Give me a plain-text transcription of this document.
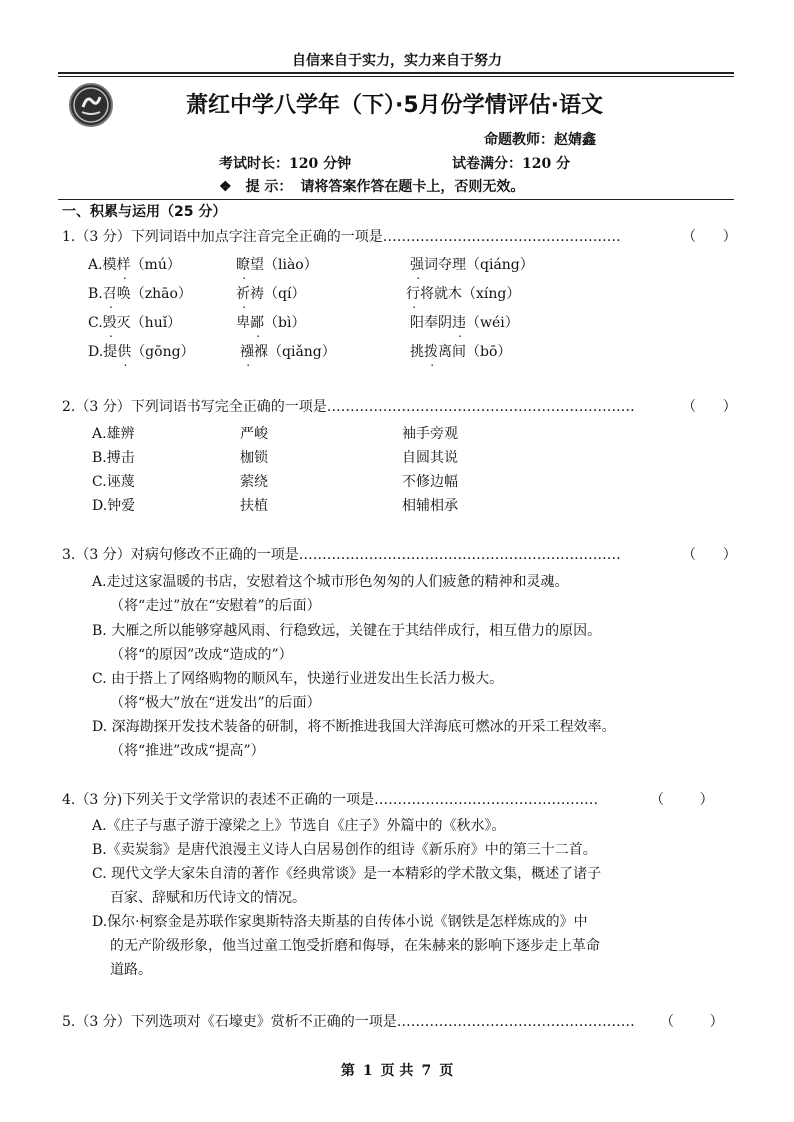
自信来自于实力，实力来自于努力
萧红中学八学年（下）·5月份学情评估·语文
命题教师：赵婧鑫
考试时长：120 分钟	试卷满分：120 分
❖ 提 示： 请将答案作答在题卡上，否则无效。
一、积累与运用（25 分）
1.（3 分）下列词语中加点字注音完全正确的一项是……………………………………………	（      ）
A.模样（mú）	瞭望（liào）	强词夺理（qiáng）
B.召唤（zhāo）	祈祷（qí）	行将就木（xíng）
C.毁灭（huǐ）	卑鄙（bì）	阳奉阴违（wéi）
D.提供（gōng）	襁褓（qiǎng）	挑拨离间（bō）
2.（3 分）下列词语书写完全正确的一项是…………………………………………………………	（      ）
A.雄辨	严峻	袖手旁观
B.搏击	枷锁	自圆其说
C.诬蔑	萦绕	不修边幅
D.钟爱	扶植	相辅相承
3.（3 分）对病句修改不正确的一项是……………………………………………………………	（      ）
A.走过这家温暖的书店，安慰着这个城市形色匆匆的人们疲惫的精神和灵魂。
（将“走过”放在“安慰着”的后面）
B. 大雁之所以能够穿越风雨、行稳致远，关键在于其结伴成行，相互借力的原因。
（将“的原因”改成“造成的”）
C. 由于搭上了网络购物的顺风车，快递行业迸发出生长活力极大。
（将“极大”放在“迸发出”的后面）
D. 深海勘探开发技术装备的研制，将不断推进我国大洋海底可燃冰的开采工程效率。
（将“推进”改成“提高”）
4.（3 分)下列关于文学常识的表述不正确的一项是…………………………………………	（        ）
A.《庄子与惠子游于濠梁之上》节选自《庄子》外篇中的《秋水》。
B.《卖炭翁》是唐代浪漫主义诗人白居易创作的组诗《新乐府》中的第三十二首。
C. 现代文学大家朱自清的著作《经典常谈》是一本精彩的学术散文集，概述了诸子
百家、辞赋和历代诗文的情况。
D.保尔·柯察金是苏联作家奥斯特洛夫斯基的自传体小说《钢铁是怎样炼成的》中
的无产阶级形象，他当过童工饱受折磨和侮辱，在朱赫来的影响下逐步走上革命
道路。
5.（3 分）下列选项对《石壕吏》赏析不正确的一项是…………………………………………… （        ）
第 1 页 共 7 页
